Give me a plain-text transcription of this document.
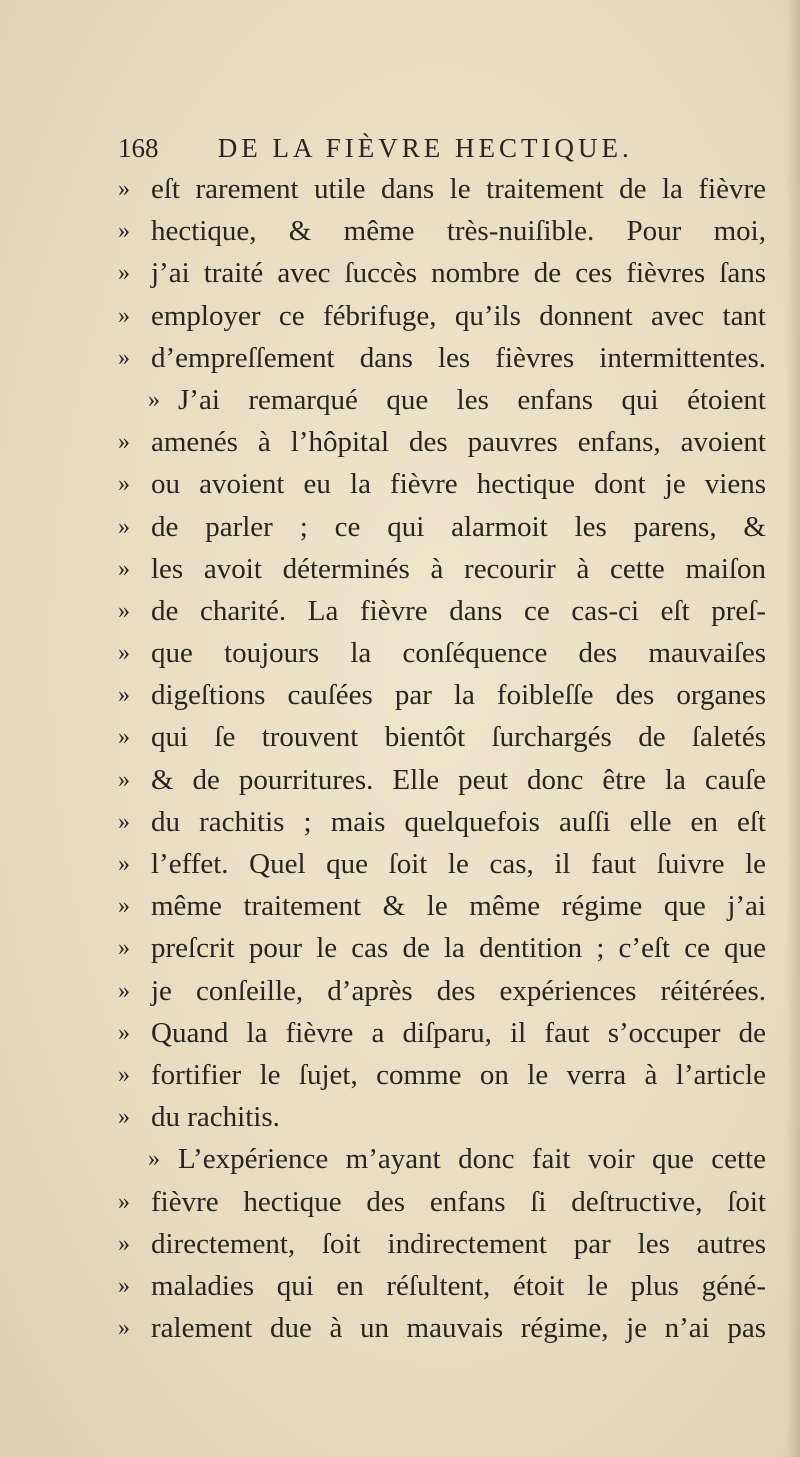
168 DE LA FIÈVRE HECTIQUE.
» eſt rarement utile dans le traitement de la fièvre
» hectique, & même très-nuiſible. Pour moi,
» j’ai traité avec ſuccès nombre de ces fièvres ſans
» employer ce fébrifuge, qu’ils donnent avec tant
» d’empreſſement dans les fièvres intermittentes.
» J’ai remarqué que les enfans qui étoient
» amenés à l’hôpital des pauvres enfans, avoient
» ou avoient eu la fièvre hectique dont je viens
» de parler ; ce qui alarmoit les parens, &
» les avoit déterminés à recourir à cette maiſon
» de charité. La fièvre dans ce cas-ci eſt preſ-
» que toujours la conſéquence des mauvaiſes
» digeſtions cauſées par la foibleſſe des organes
» qui ſe trouvent bientôt ſurchargés de ſaletés
» & de pourritures. Elle peut donc être la cauſe
» du rachitis ; mais quelquefois auſſi elle en eſt
» l’effet. Quel que ſoit le cas, il faut ſuivre le
» même traitement & le même régime que j’ai
» preſcrit pour le cas de la dentition ; c’eſt ce que
» je conſeille, d’après des expériences réitérées.
» Quand la fièvre a diſparu, il faut s’occuper de
» fortifier le ſujet, comme on le verra à l’article
» du rachitis.
» L’expérience m’ayant donc fait voir que cette
» fièvre hectique des enfans ſi deſtructive, ſoit
» directement, ſoit indirectement par les autres
» maladies qui en réſultent, étoit le plus géné-
» ralement due à un mauvais régime, je n’ai pas
